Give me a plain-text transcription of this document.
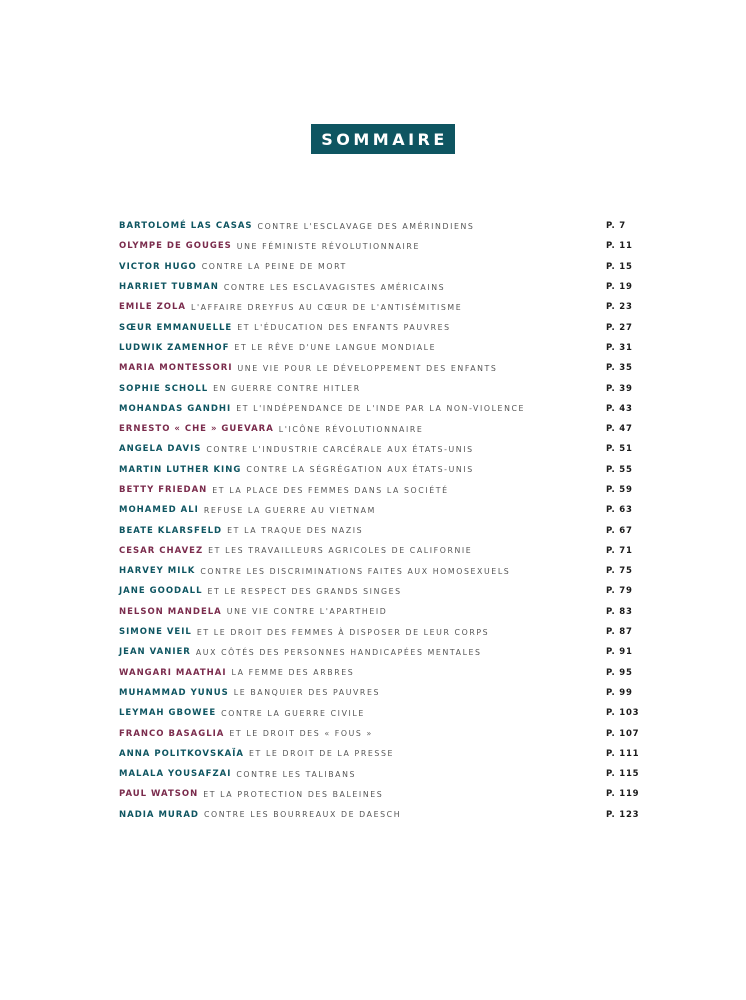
SOMMAIRE
BARTOLOMÉ LAS CASAS CONTRE L'ESCLAVAGE DES AMÉRINDIENS	P. 7
OLYMPE DE GOUGES UNE FÉMINISTE RÉVOLUTIONNAIRE	P. 11
VICTOR HUGO CONTRE LA PEINE DE MORT	P. 15
HARRIET TUBMAN CONTRE LES ESCLAVAGISTES AMÉRICAINS	P. 19
EMILE ZOLA L'AFFAIRE DREYFUS AU CŒUR DE L'ANTISÉMITISME	P. 23
SŒUR EMMANUELLE ET L'ÉDUCATION DES ENFANTS PAUVRES	P. 27
LUDWIK ZAMENHOF ET LE RÊVE D'UNE LANGUE MONDIALE	P. 31
MARIA MONTESSORI UNE VIE POUR LE DÉVELOPPEMENT DES ENFANTS	P. 35
SOPHIE SCHOLL EN GUERRE CONTRE HITLER	P. 39
MOHANDAS GANDHI ET L'INDÉPENDANCE DE L'INDE PAR LA NON-VIOLENCE	P. 43
ERNESTO « CHE » GUEVARA L'ICÔNE RÉVOLUTIONNAIRE	P. 47
ANGELA DAVIS CONTRE L'INDUSTRIE CARCÉRALE AUX ÉTATS-UNIS	P. 51
MARTIN LUTHER KING CONTRE LA SÉGRÉGATION AUX ÉTATS-UNIS	P. 55
BETTY FRIEDAN ET LA PLACE DES FEMMES DANS LA SOCIÉTÉ	P. 59
MOHAMED ALI REFUSE LA GUERRE AU VIETNAM	P. 63
BEATE KLARSFELD ET LA TRAQUE DES NAZIS	P. 67
CESAR CHAVEZ ET LES TRAVAILLEURS AGRICOLES DE CALIFORNIE	P. 71
HARVEY MILK CONTRE LES DISCRIMINATIONS FAITES AUX HOMOSEXUELS	P. 75
JANE GOODALL ET LE RESPECT DES GRANDS SINGES	P. 79
NELSON MANDELA UNE VIE CONTRE L'APARTHEID	P. 83
SIMONE VEIL ET LE DROIT DES FEMMES À DISPOSER DE LEUR CORPS	P. 87
JEAN VANIER AUX CÔTÉS DES PERSONNES HANDICAPÉES MENTALES	P. 91
WANGARI MAATHAI LA FEMME DES ARBRES	P. 95
MUHAMMAD YUNUS LE BANQUIER DES PAUVRES	P. 99
LEYMAH GBOWEE CONTRE LA GUERRE CIVILE	P. 103
FRANCO BASAGLIA ET LE DROIT DES « FOUS »	P. 107
ANNA POLITKOVSKAÏA ET LE DROIT DE LA PRESSE	P. 111
MALALA YOUSAFZAI CONTRE LES TALIBANS	P. 115
PAUL WATSON ET LA PROTECTION DES BALEINES	P. 119
NADIA MURAD CONTRE LES BOURREAUX DE DAESCH	P. 123
